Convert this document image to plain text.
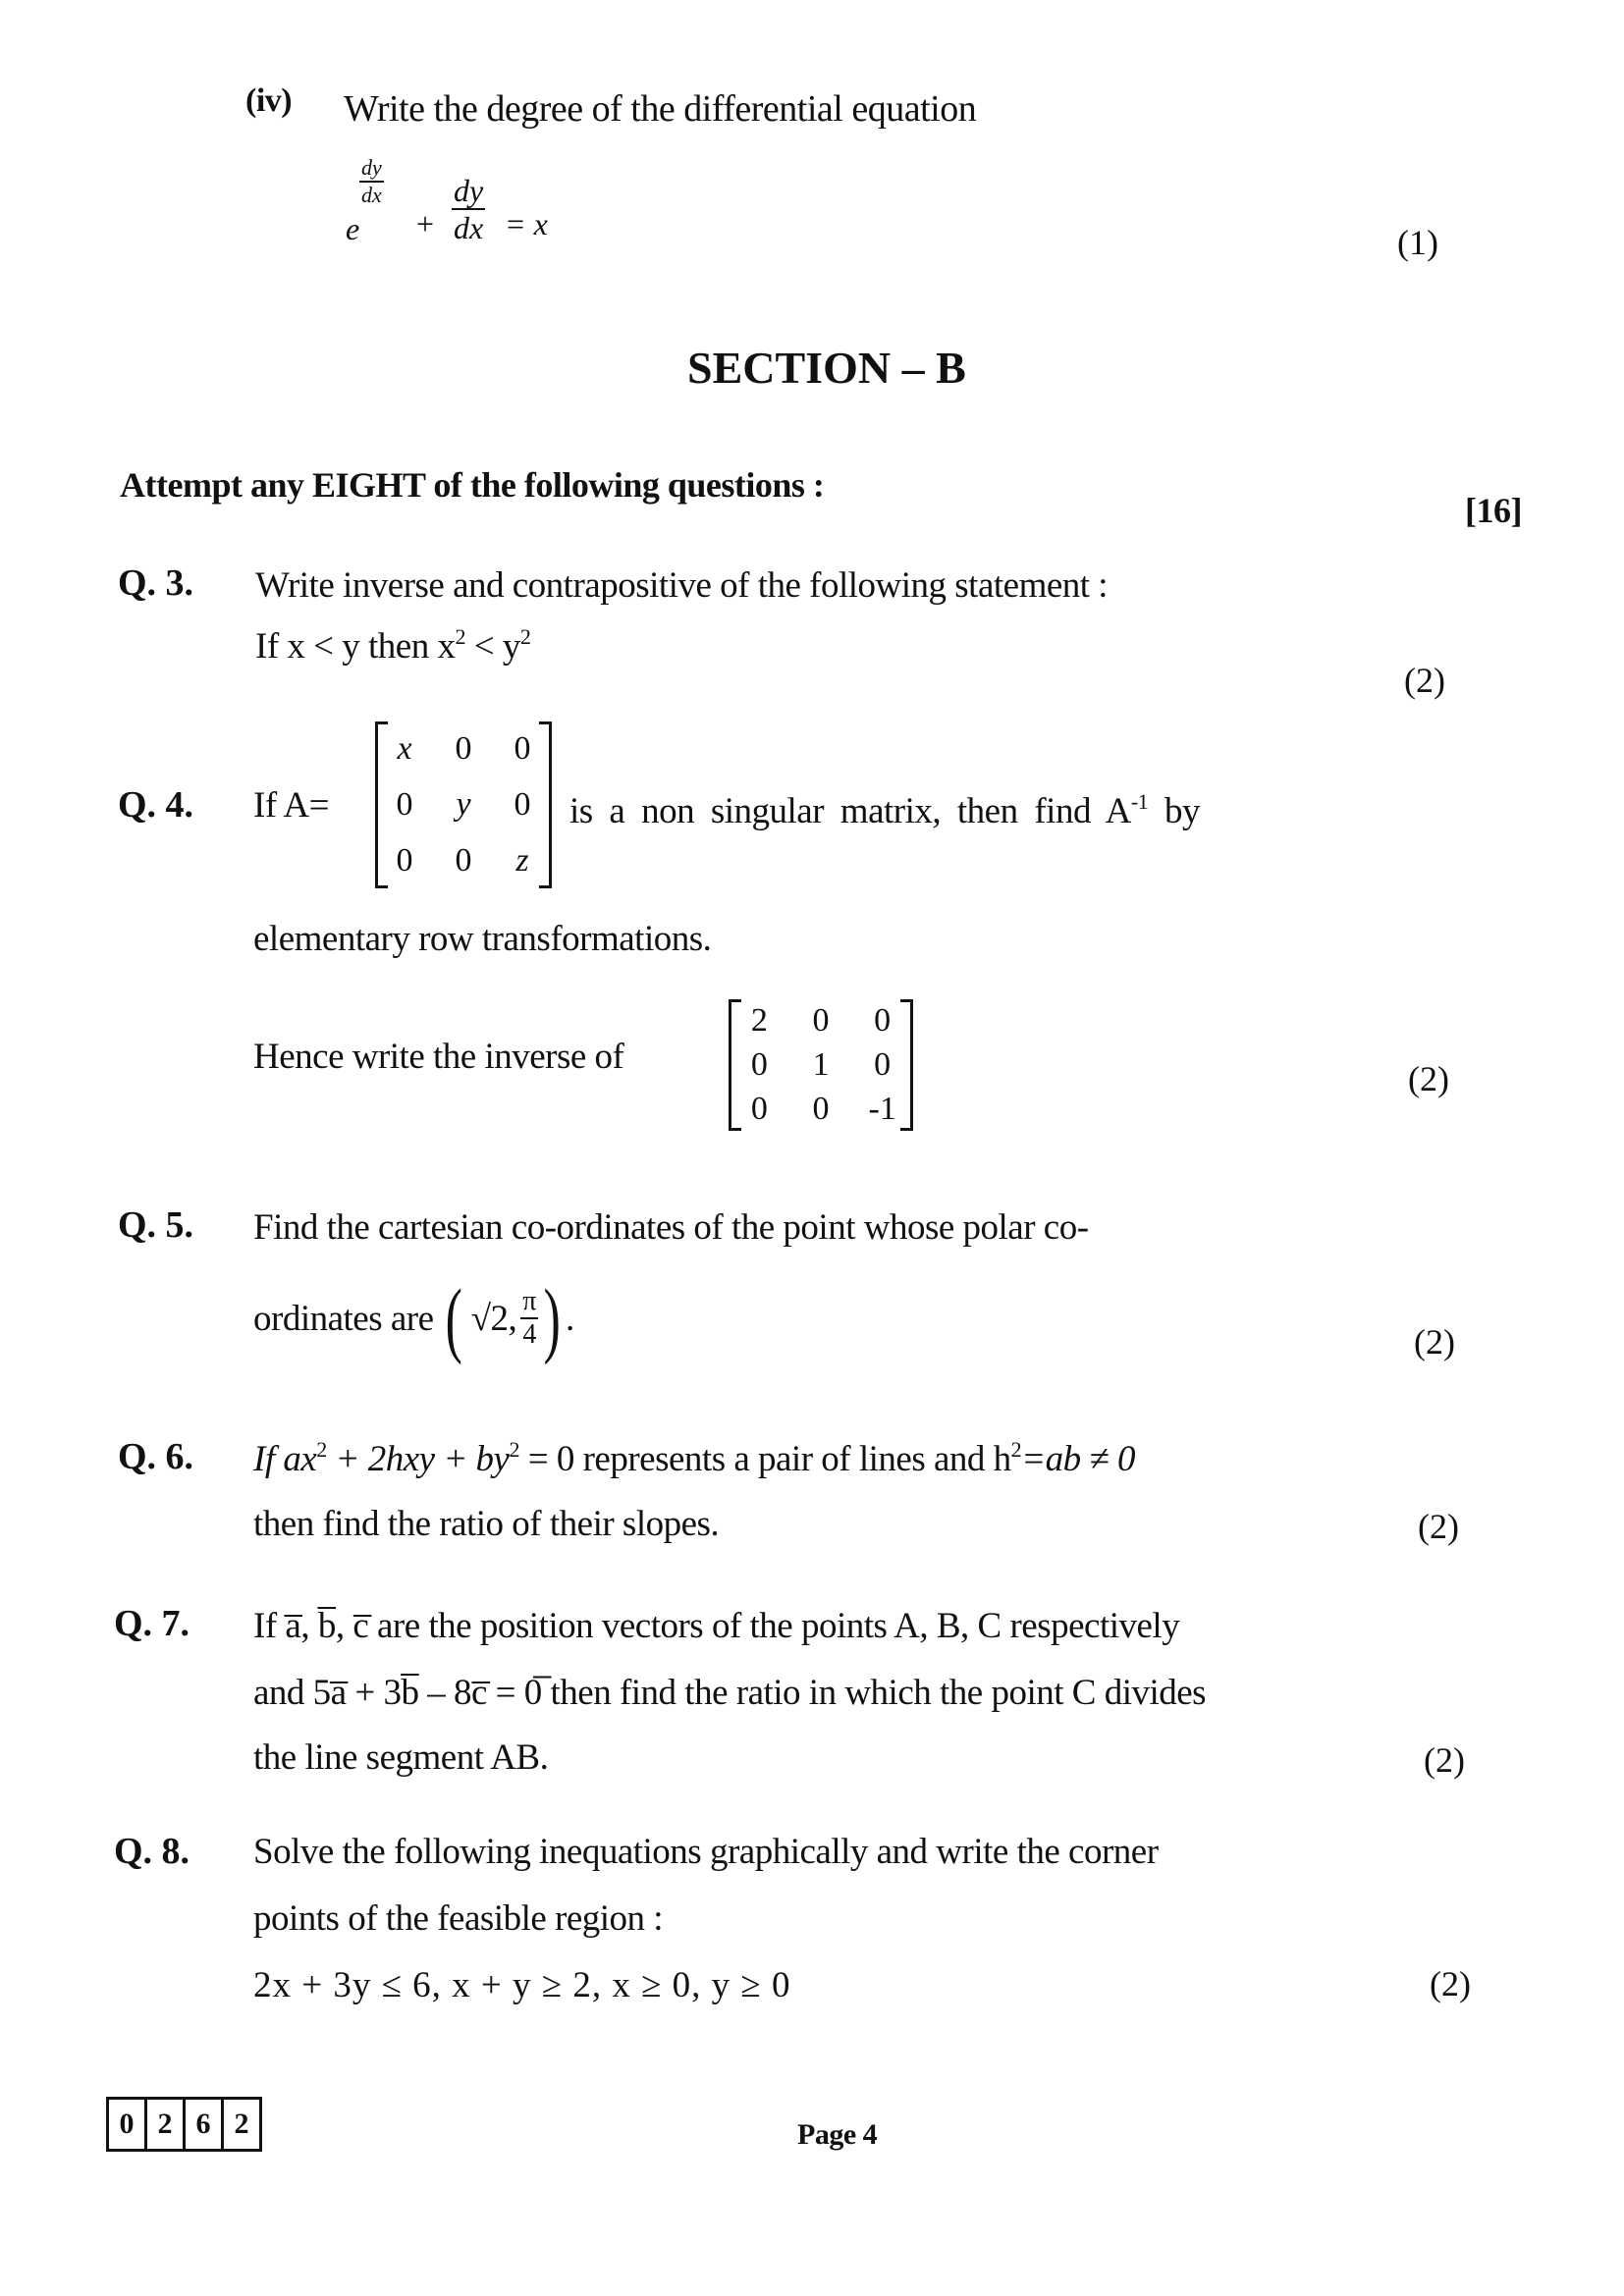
(iv) Write the degree of the differential equation
e
$\frac{dy}{dx}$
+ $\frac{dy}{dx} = x$	(1)
SECTION – B
Attempt any EIGHT of the following questions :
[16]
Q. 3. Write inverse and contrapositive of the following statement :
If x < y then $x^2 < y^2$
(2)
Q. 4. If A=
x	0	0
0	y	0
0	0	z
is a non singular matrix, then find $A^{-1}$ by
elementary row transformations.
Hence write the inverse of
2	0	0
0	1	0
0	0	-1
(2)
Q. 5. Find the cartesian co-ordinates of the point whose polar co-
ordinates are ( √2, $\frac{\pi}{4}$ ) .
(2)
Q. 6. If $ax^2 + 2hxy + by^2 = 0$ represents a pair of lines and $h^2=ab \ne 0$
then find the ratio of their slopes.	(2)
Q. 7. If a̅, b̅, c̅ are the position vectors of the points A, B, C respectively
and 5a̅ + 3b̅ – 8c̅ = 0̅ then find the ratio in which the point C divides
the line segment AB.	(2)
Q. 8. Solve the following inequations graphically and write the corner
points of the feasible region :
2x + 3y ≤ 6, x + y ≥ 2, x ≥ 0, y ≥ 0	(2)
0 2 6 2	Page 4
